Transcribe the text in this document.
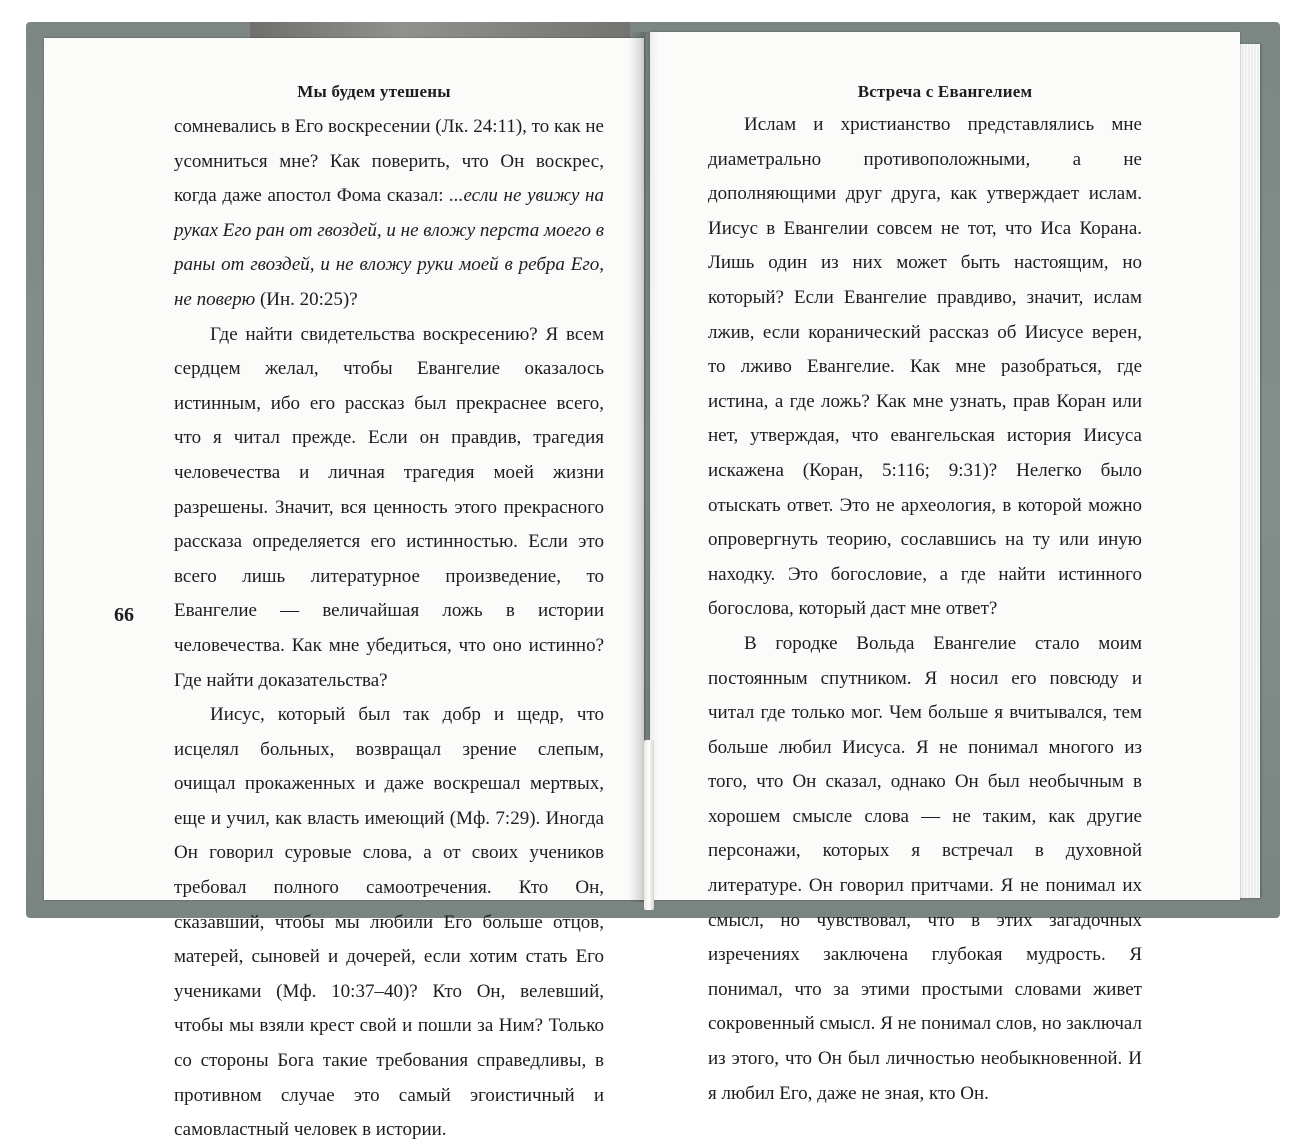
Мы будем утешены
66

сомневались в Его воскресении (Лк. 24:11), то как не усомниться мне? Как поверить, что Он воскрес, когда даже апостол Фома сказал: ...если не увижу на руках Его ран от гвоздей, и не вложу перста моего в раны от гвоздей, и не вложу руки моей в ребра Его, не поверю (Ин. 20:25)?

Где найти свидетельства воскресению? Я всем сердцем желал, чтобы Евангелие оказалось истинным, ибо его рассказ был прекраснее всего, что я читал прежде. Если он правдив, трагедия человечества и личная трагедия моей жизни разрешены. Значит, вся ценность этого прекрасного рассказа определяется его истинностью. Если это всего лишь литературное произведение, то Евангелие — величайшая ложь в истории человечества. Как мне убедиться, что оно истинно? Где найти доказательства?

Иисус, который был так добр и щедр, что исцелял больных, возвращал зрение слепым, очищал прокаженных и даже воскрешал мертвых, еще и учил, как власть имеющий (Мф. 7:29). Иногда Он говорил суровые слова, а от своих учеников требовал полного самоотречения. Кто Он, сказавший, чтобы мы любили Его больше отцов, матерей, сыновей и дочерей, если хотим стать Его учениками (Мф. 10:37–40)? Кто Он, велевший, чтобы мы взяли крест свой и пошли за Ним? Только со стороны Бога такие требования справедливы, в противном случае это самый эгоистичный и самовластный человек в истории.

Встреча с Евангелием

Ислам и христианство представлялись мне диаметрально противоположными, а не дополняющими друг друга, как утверждает ислам. Иисус в Евангелии совсем не тот, что Иса Корана. Лишь один из них может быть настоящим, но который? Если Евангелие правдиво, значит, ислам лжив, если коранический рассказ об Иисусе верен, то лживо Евангелие. Как мне разобраться, где истина, а где ложь? Как мне узнать, прав Коран или нет, утверждая, что евангельская история Иисуса искажена (Коран, 5:116; 9:31)? Нелегко было отыскать ответ. Это не археология, в которой можно опровергнуть теорию, сославшись на ту или иную находку. Это богословие, а где найти истинного богослова, который даст мне ответ?

В городке Вольда Евангелие стало моим постоянным спутником. Я носил его повсюду и читал где только мог. Чем больше я вчитывался, тем больше любил Иисуса. Я не понимал многого из того, что Он сказал, однако Он был необычным в хорошем смысле слова — не таким, как другие персонажи, которых я встречал в духовной литературе. Он говорил притчами. Я не понимал их смысл, но чувствовал, что в этих загадочных изречениях заключена глубокая мудрость. Я понимал, что за этими простыми словами живет сокровенный смысл. Я не понимал слов, но заключал из этого, что Он был личностью необыкновенной. И я любил Его, даже не зная, кто Он.
